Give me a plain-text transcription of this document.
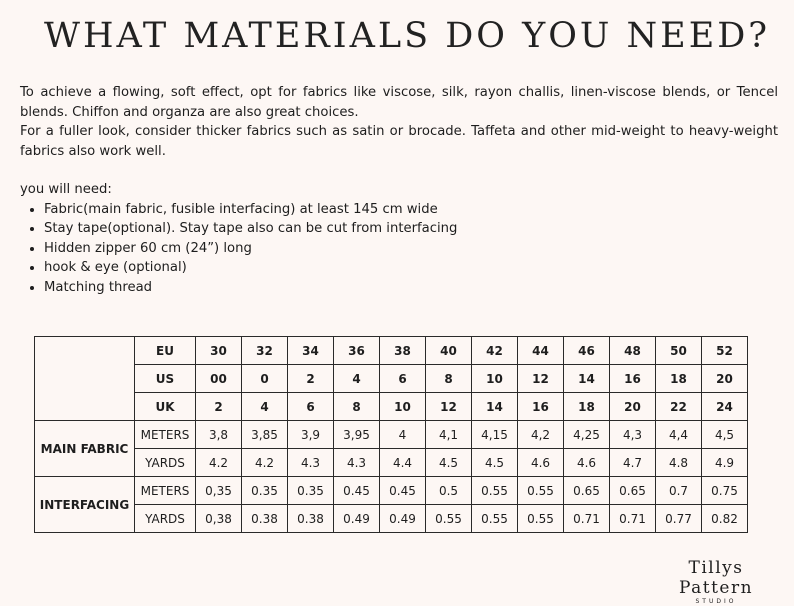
WHAT MATERIALS DO YOU NEED?

To achieve a flowing, soft effect, opt for fabrics like viscose, silk, rayon challis, linen-viscose blends, or Tencel blends. Chiffon and organza are also great choices.

For a fuller look, consider thicker fabrics such as satin or brocade. Taffeta and other mid-weight to heavy-weight fabrics also work well.

you will need:

• Fabric(main fabric, fusible interfacing) at least 145 cm wide
• Stay tape(optional). Stay tape also can be cut from interfacing
• Hidden zipper 60 cm (24”) long
• hook & eye (optional)
• Matching thread
	EU	30	32	34	36	38	40	42	44	46	48	50	52
	US	00	0	2	4	6	8	10	12	14	16	18	20
	UK	2	4	6	8	10	12	14	16	18	20	22	24
MAIN FABRIC	METERS	3,8	3,85	3,9	3,95	4	4,1	4,15	4,2	4,25	4,3	4,4	4,5
	YARDS	4.2	4.2	4.3	4.3	4.4	4.5	4.5	4.6	4.6	4.7	4.8	4.9
INTERFACING	METERS	0,35	0.35	0.35	0.45	0.45	0.5	0.55	0.55	0.65	0.65	0.7	0.75
	YARDS	0,38	0.38	0.38	0.49	0.49	0.55	0.55	0.55	0.71	0.71	0.77	0.82
Tillys Pattern
STUDIO
